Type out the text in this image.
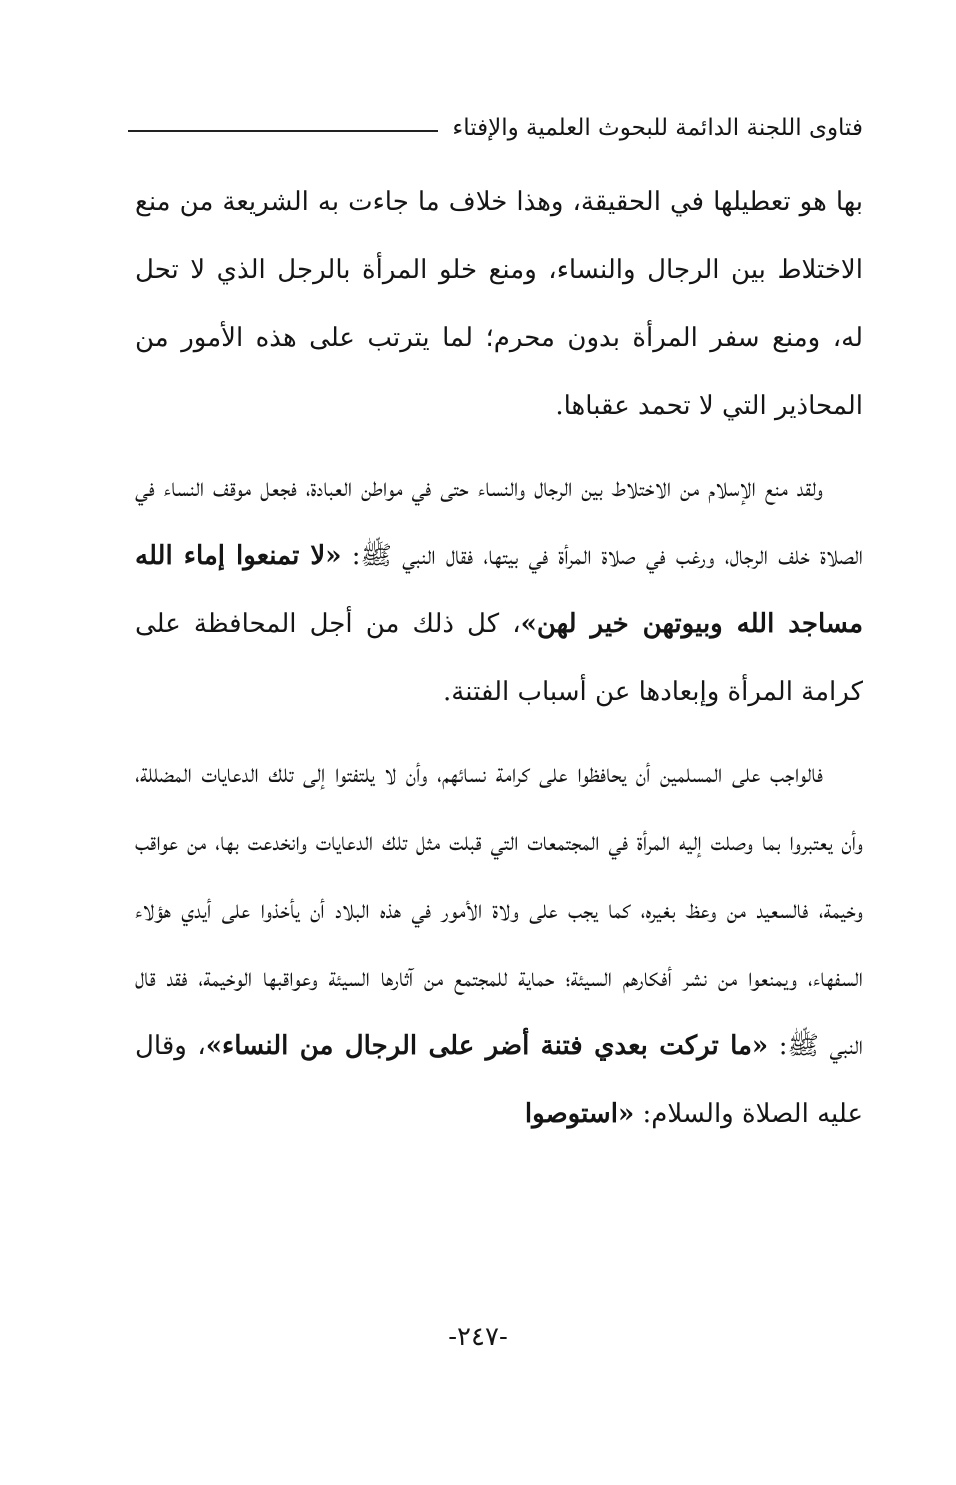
فتاوى اللجنة الدائمة للبحوث العلمية والإفتاء

بها هو تعطيلها في الحقيقة، وهذا خلاف ما جاءت به الشريعة من منع الاختلاط بين الرجال والنساء، ومنع خلو المرأة بالرجل الذي لا تحل له، ومنع سفر المرأة بدون محرم؛ لما يترتب على هذه الأمور من المحاذير التي لا تحمد عقباها.

ولقد منع الإسلام من الاختلاط بين الرجال والنساء حتى في مواطن العبادة، فجعل موقف النساء في الصلاة خلف الرجال، ورغب في صلاة المرأة في بيتها، فقال النبي ﷺ: «لا تمنعوا إماء الله مساجد الله وبيوتهن خير لهن»، كل ذلك من أجل المحافظة على كرامة المرأة وإبعادها عن أسباب الفتنة.

فالواجب على المسلمين أن يحافظوا على كرامة نسائهم، وأن لا يلتفتوا إلى تلك الدعايات المضللة، وأن يعتبروا بما وصلت إليه المرأة في المجتمعات التي قبلت مثل تلك الدعايات وانخدعت بها، من عواقب وخيمة، فالسعيد من وعظ بغيره، كما يجب على ولاة الأمور في هذه البلاد أن يأخذوا على أيدي هؤلاء السفهاء، ويمنعوا من نشر أفكارهم السيئة؛ حماية للمجتمع من آثارها السيئة وعواقبها الوخيمة، فقد قال النبي ﷺ: «ما تركت بعدي فتنة أضر على الرجال من النساء»، وقال عليه الصلاة والسلام: «استوصوا

-٢٤٧-
